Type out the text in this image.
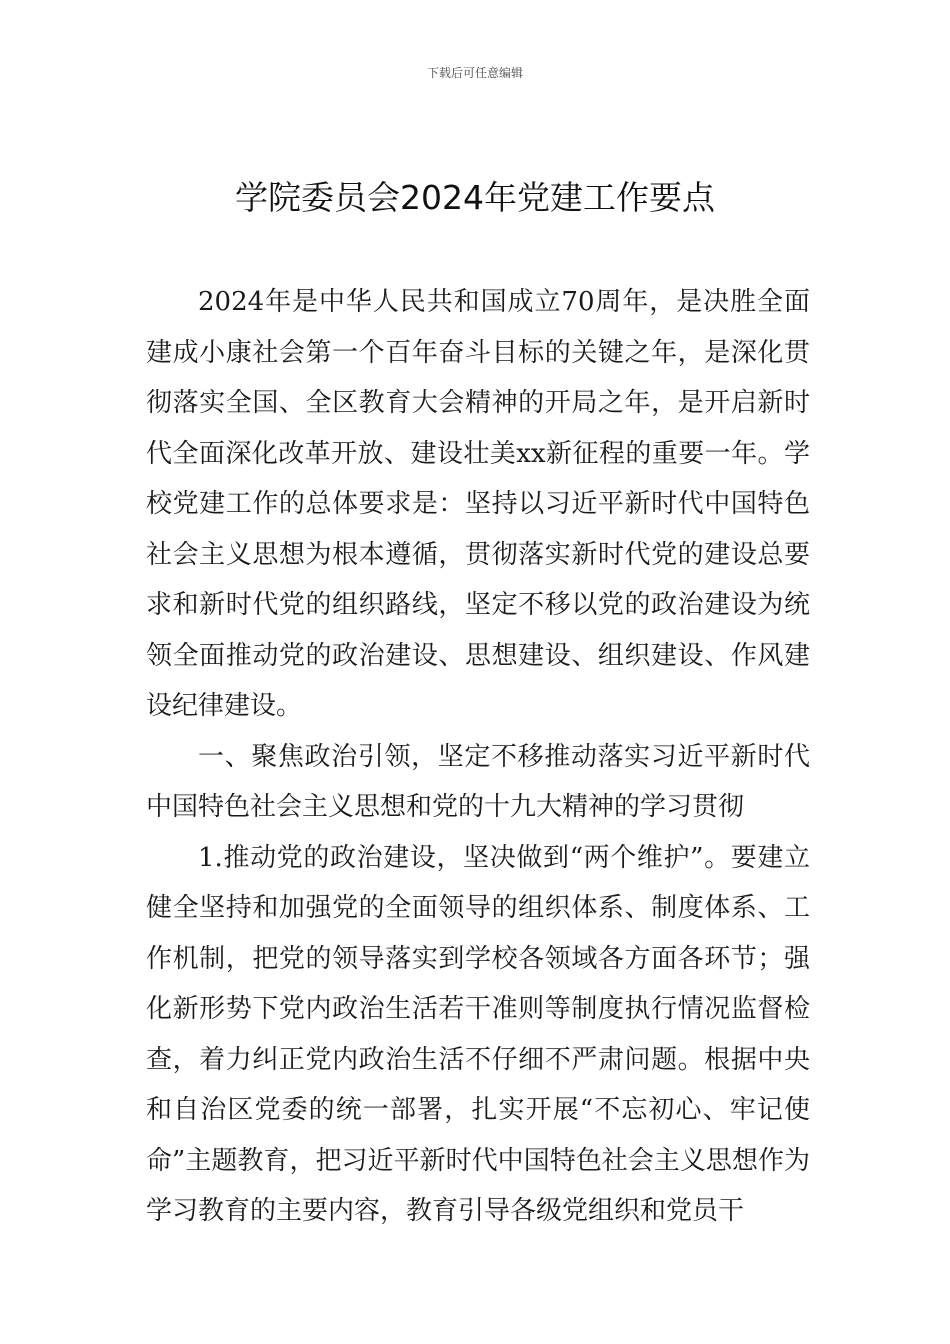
下载后可任意编辑
学院委员会2024年党建工作要点

2024年是中华人民共和国成立70周年，是决胜全面建成小康社会第一个百年奋斗目标的关键之年，是深化贯彻落实全国、全区教育大会精神的开局之年，是开启新时代全面深化改革开放、建设壮美xx新征程的重要一年。学校党建工作的总体要求是：坚持以习近平新时代中国特色社会主义思想为根本遵循，贯彻落实新时代党的建设总要求和新时代党的组织路线，坚定不移以党的政治建设为统领全面推动党的政治建设、思想建设、组织建设、作风建设纪律建设。

一、聚焦政治引领，坚定不移推动落实习近平新时代中国特色社会主义思想和党的十九大精神的学习贯彻

1.推动党的政治建设，坚决做到“两个维护”。要建立健全坚持和加强党的全面领导的组织体系、制度体系、工作机制，把党的领导落实到学校各领域各方面各环节；强化新形势下党内政治生活若干准则等制度执行情况监督检查，着力纠正党内政治生活不仔细不严肃问题。根据中央和自治区党委的统一部署，扎实开展“不忘初心、牢记使命”主题教育，把习近平新时代中国特色社会主义思想作为学习教育的主要内容，教育引导各级党组织和党员干
